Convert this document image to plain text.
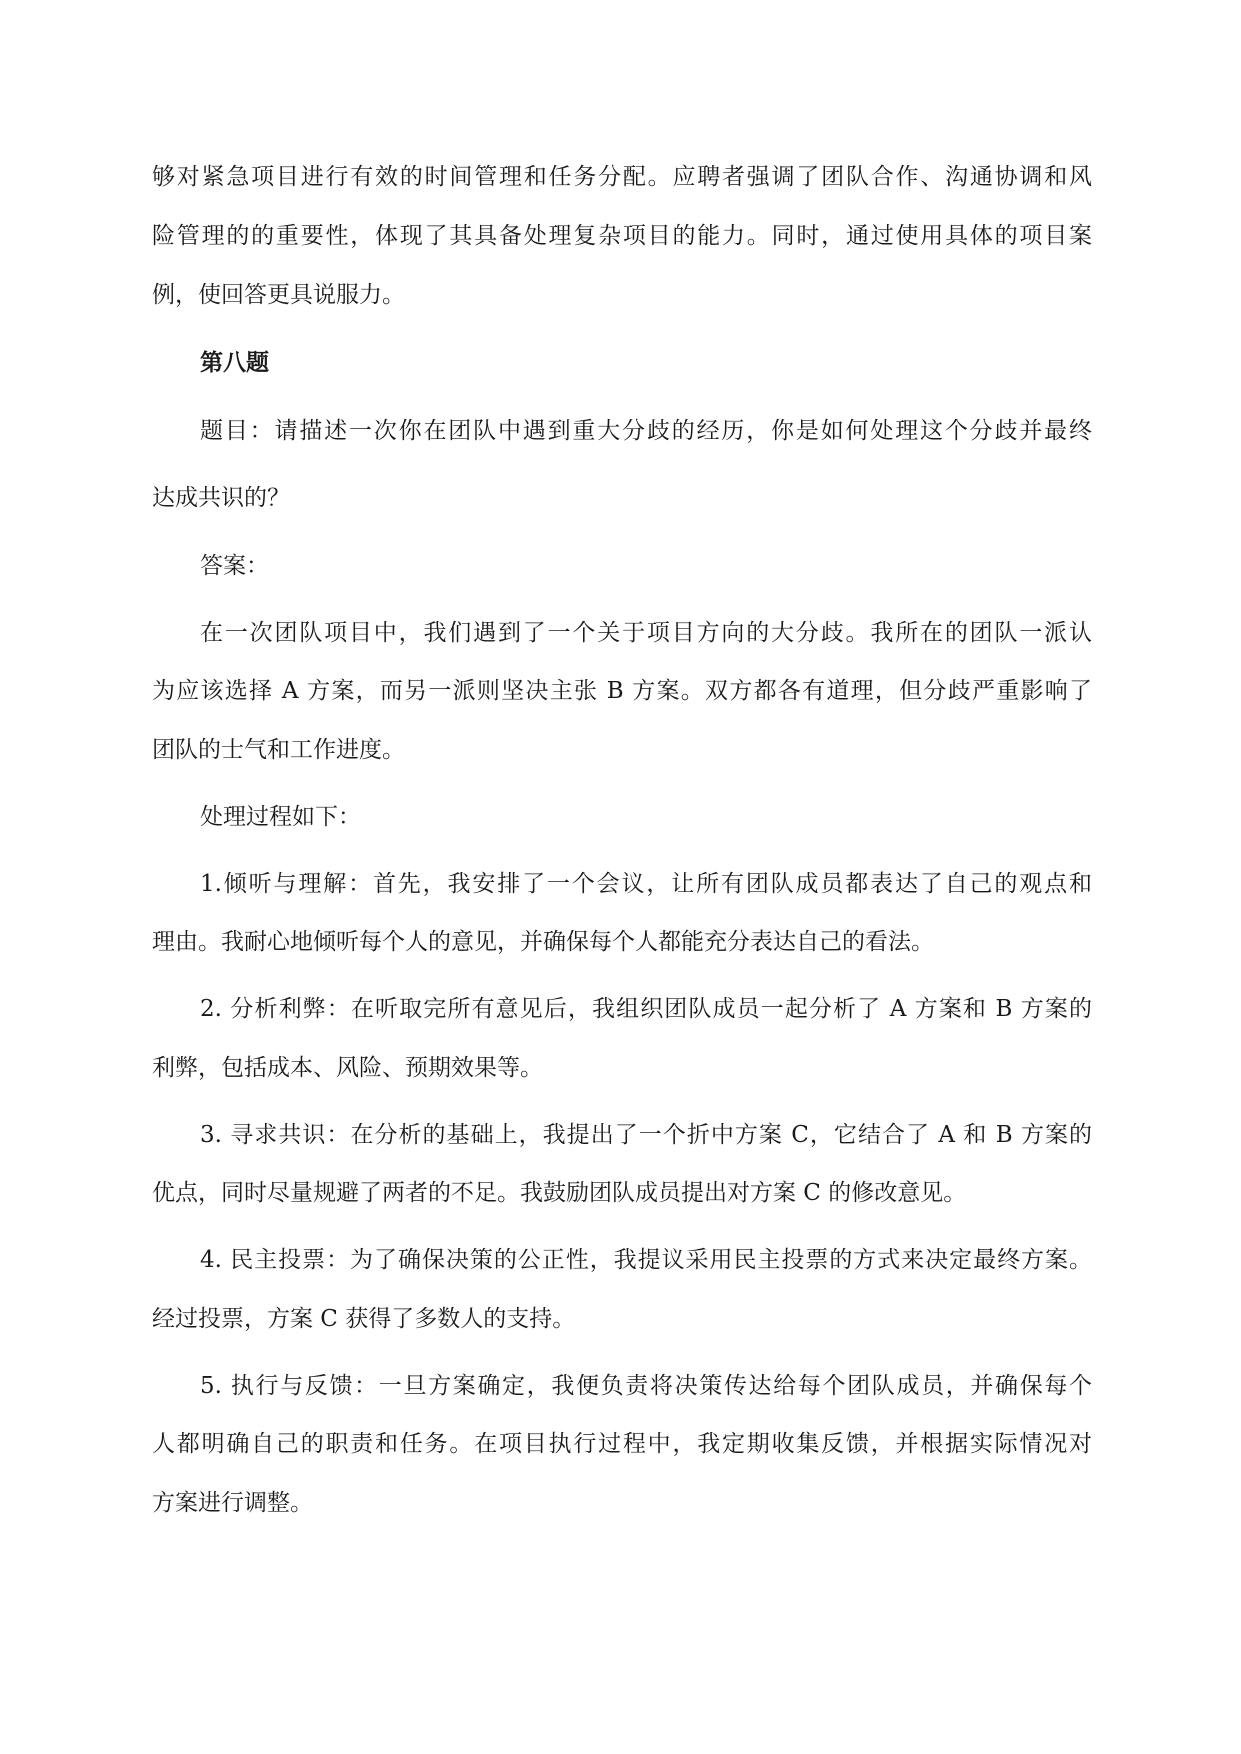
够对紧急项目进行有效的时间管理和任务分配。应聘者强调了团队合作、沟通协调和风
险管理的的重要性，体现了其具备处理复杂项目的能力。同时，通过使用具体的项目案
例，使回答更具说服力。
第八题
题目：请描述一次你在团队中遇到重大分歧的经历，你是如何处理这个分歧并最终
达成共识的？
答案：
在一次团队项目中，我们遇到了一个关于项目方向的大分歧。我所在的团队一派认
为应该选择 A 方案，而另一派则坚决主张 B 方案。双方都各有道理，但分歧严重影响了
团队的士气和工作进度。
处理过程如下：
1.倾听与理解：首先，我安排了一个会议，让所有团队成员都表达了自己的观点和
理由。我耐心地倾听每个人的意见，并确保每个人都能充分表达自己的看法。
2. 分析利弊：在听取完所有意见后，我组织团队成员一起分析了 A 方案和 B 方案的
利弊，包括成本、风险、预期效果等。
3. 寻求共识：在分析的基础上，我提出了一个折中方案 C，它结合了 A 和 B 方案的
优点，同时尽量规避了两者的不足。我鼓励团队成员提出对方案 C 的修改意见。
4. 民主投票：为了确保决策的公正性，我提议采用民主投票的方式来决定最终方案。
经过投票，方案 C 获得了多数人的支持。
5. 执行与反馈：一旦方案确定，我便负责将决策传达给每个团队成员，并确保每个
人都明确自己的职责和任务。在项目执行过程中，我定期收集反馈，并根据实际情况对
方案进行调整。
